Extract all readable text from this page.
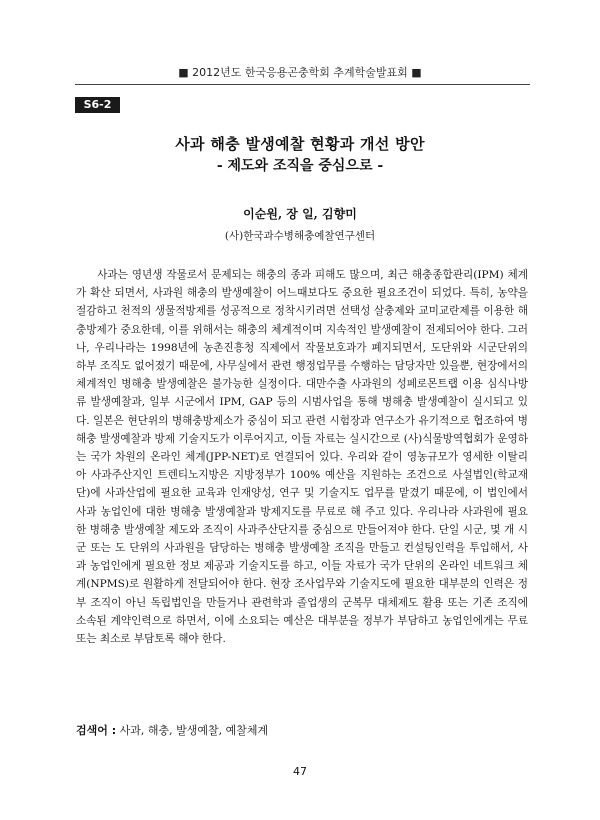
■ 2012년도 한국응용곤충학회 추계학술발표회 ■
S6-2
사과 해충 발생예찰 현황과 개선 방안
- 제도와 조직을 중심으로 -
이순원, 장 일, 김향미
(사)한국과수병해충예찰연구센터

사과는 영년생 작물로서 문제되는 해충의 종과 피해도 많으며, 최근 해충종합관리(IPM) 체계가 확산 되면서, 사과원 해충의 발생예찰이 어느때보다도 중요한 필요조건이 되었다. 특히, 농약을 절감하고 천적의 생물적방제를 성공적으로 정착시키려면 선택성 살충제와 교미교란제를 이용한 해충방제가 중요한데, 이를 위해서는 해충의 체계적이며 지속적인 발생예찰이 전제되어야 한다. 그러나, 우리나라는 1998년에 농촌진흥청 직제에서 작물보호과가 폐지되면서, 도단위와 시군단위의 하부 조직도 없어졌기 때문에, 사무실에서 관련 행정업무를 수행하는 담당자만 있을뿐, 현장에서의 체계적인 병해충 발생예찰은 불가능한 실정이다. 대만수출 사과원의 성페로몬트랩 이용 심식나방류 발생예찰과, 일부 시군에서 IPM, GAP 등의 시범사업을 통해 병해충 발생예찰이 실시되고 있다. 일본은 현단위의 병해충방제소가 중심이 되고 관련 시험장과 연구소가 유기적으로 협조하여 병해충 발생예찰과 방제 기술지도가 이루어지고, 이들 자료는 실시간으로 (사)식물방역협회가 운영하는 국가 차원의 온라인 체계(JPP-NET)로 연결되어 있다. 우리와 같이 영농규모가 영세한 이탈리아 사과주산지인 트렌티노지방은 지방정부가 100% 예산을 지원하는 조건으로 사설법인(학교재단)에 사과산업에 필요한 교육과 인재양성, 연구 및 기술지도 업무를 맡겼기 때문에, 이 법인에서 사과 농업인에 대한 병해충 발생예찰과 방제지도를 무료로 해 주고 있다. 우리나라 사과원에 필요한 병해충 발생예찰 제도와 조직이 사과주산단지를 중심으로 만들어져야 한다. 단일 시군, 몇 개 시군 또는 도 단위의 사과원을 담당하는 병해충 발생예찰 조직을 만들고 컨설팅인력을 투입해서, 사과 농업인에게 필요한 정보 제공과 기술지도를 하고, 이들 자료가 국가 단위의 온라인 네트워크 체계(NPMS)로 원활하게 전달되어야 한다. 현장 조사업무와 기술지도에 필요한 대부분의 인력은 정부 조직이 아닌 독립법인을 만들거나 관련학과 졸업생의 군복무 대체제도 활용 또는 기존 조직에 소속된 계약인력으로 하면서, 이에 소요되는 예산은 대부분을 정부가 부담하고 농업인에게는 무료 또는 최소로 부담토록 해야 한다.

검색어 : 사과, 해충, 발생예찰, 예찰체계
47
